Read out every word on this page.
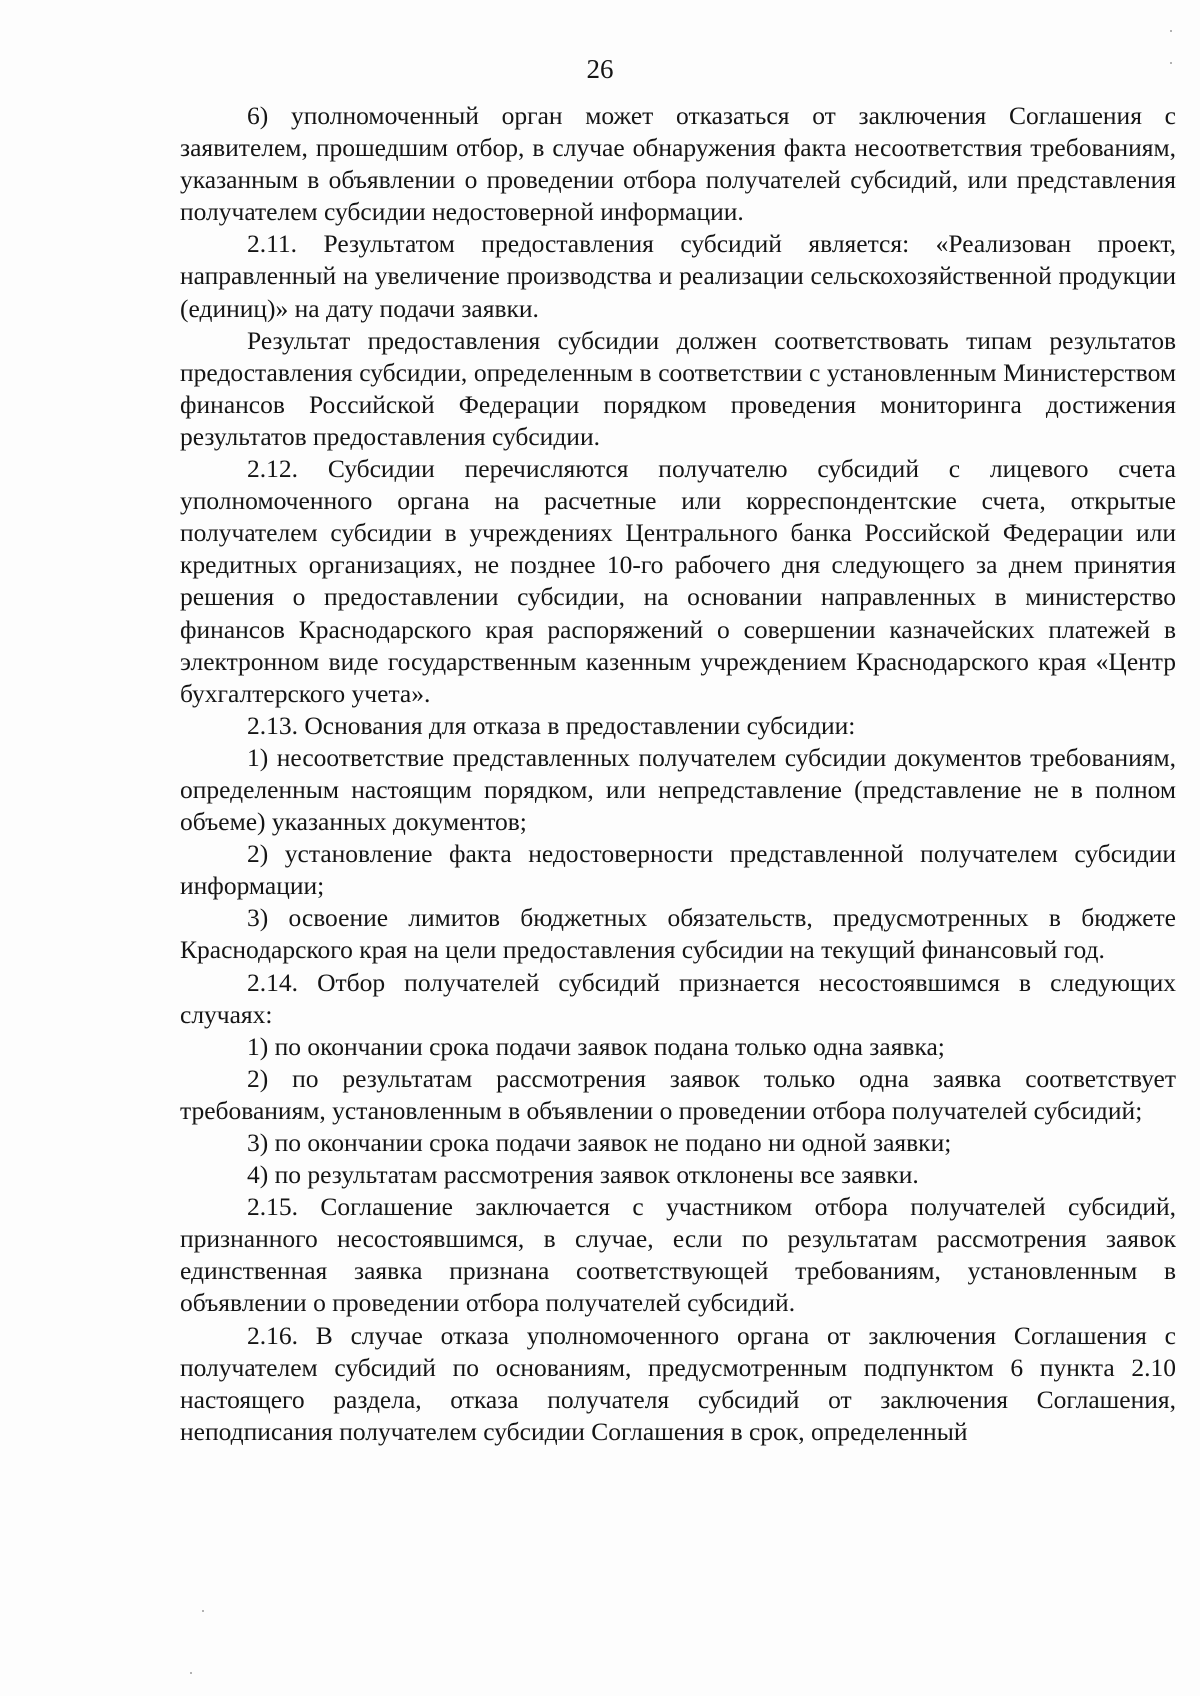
26

6) уполномоченный орган может отказаться от заключения Соглашения с заявителем, прошедшим отбор, в случае обнаружения факта несоответствия требованиям, указанным в объявлении о проведении отбора получателей субсидий, или представления получателем субсидии недостоверной информации.

2.11. Результатом предоставления субсидий является: «Реализован проект, направленный на увеличение производства и реализации сельскохозяйственной продукции (единиц)» на дату подачи заявки.

Результат предоставления субсидии должен соответствовать типам результатов предоставления субсидии, определенным в соответствии с установленным Министерством финансов Российской Федерации порядком проведения мониторинга достижения результатов предоставления субсидии.

2.12. Субсидии перечисляются получателю субсидий с лицевого счета уполномоченного органа на расчетные или корреспондентские счета, открытые получателем субсидии в учреждениях Центрального банка Российской Федерации или кредитных организациях, не позднее 10-го рабочего дня следующего за днем принятия решения о предоставлении субсидии, на основании направленных в министерство финансов Краснодарского края распоряжений о совершении казначейских платежей в электронном виде государственным казенным учреждением Краснодарского края «Центр бухгалтерского учета».

2.13. Основания для отказа в предоставлении субсидии:

1) несоответствие представленных получателем субсидии документов требованиям, определенным настоящим порядком, или непредставление (представление не в полном объеме) указанных документов;

2) установление факта недостоверности представленной получателем субсидии информации;

3) освоение лимитов бюджетных обязательств, предусмотренных в бюджете Краснодарского края на цели предоставления субсидии на текущий финансовый год.

2.14. Отбор получателей субсидий признается несостоявшимся в следующих случаях:

1) по окончании срока подачи заявок подана только одна заявка;

2) по результатам рассмотрения заявок только одна заявка соответствует требованиям, установленным в объявлении о проведении отбора получателей субсидий;

3) по окончании срока подачи заявок не подано ни одной заявки;

4) по результатам рассмотрения заявок отклонены все заявки.

2.15. Соглашение заключается с участником отбора получателей субсидий, признанного несостоявшимся, в случае, если по результатам рассмотрения заявок единственная заявка признана соответствующей требованиям, установленным в объявлении о проведении отбора получателей субсидий.

2.16. В случае отказа уполномоченного органа от заключения Соглашения с получателем субсидий по основаниям, предусмотренным подпунктом 6 пункта 2.10 настоящего раздела, отказа получателя субсидий от заключения Соглашения, неподписания получателем субсидии Соглашения в срок, определенный
